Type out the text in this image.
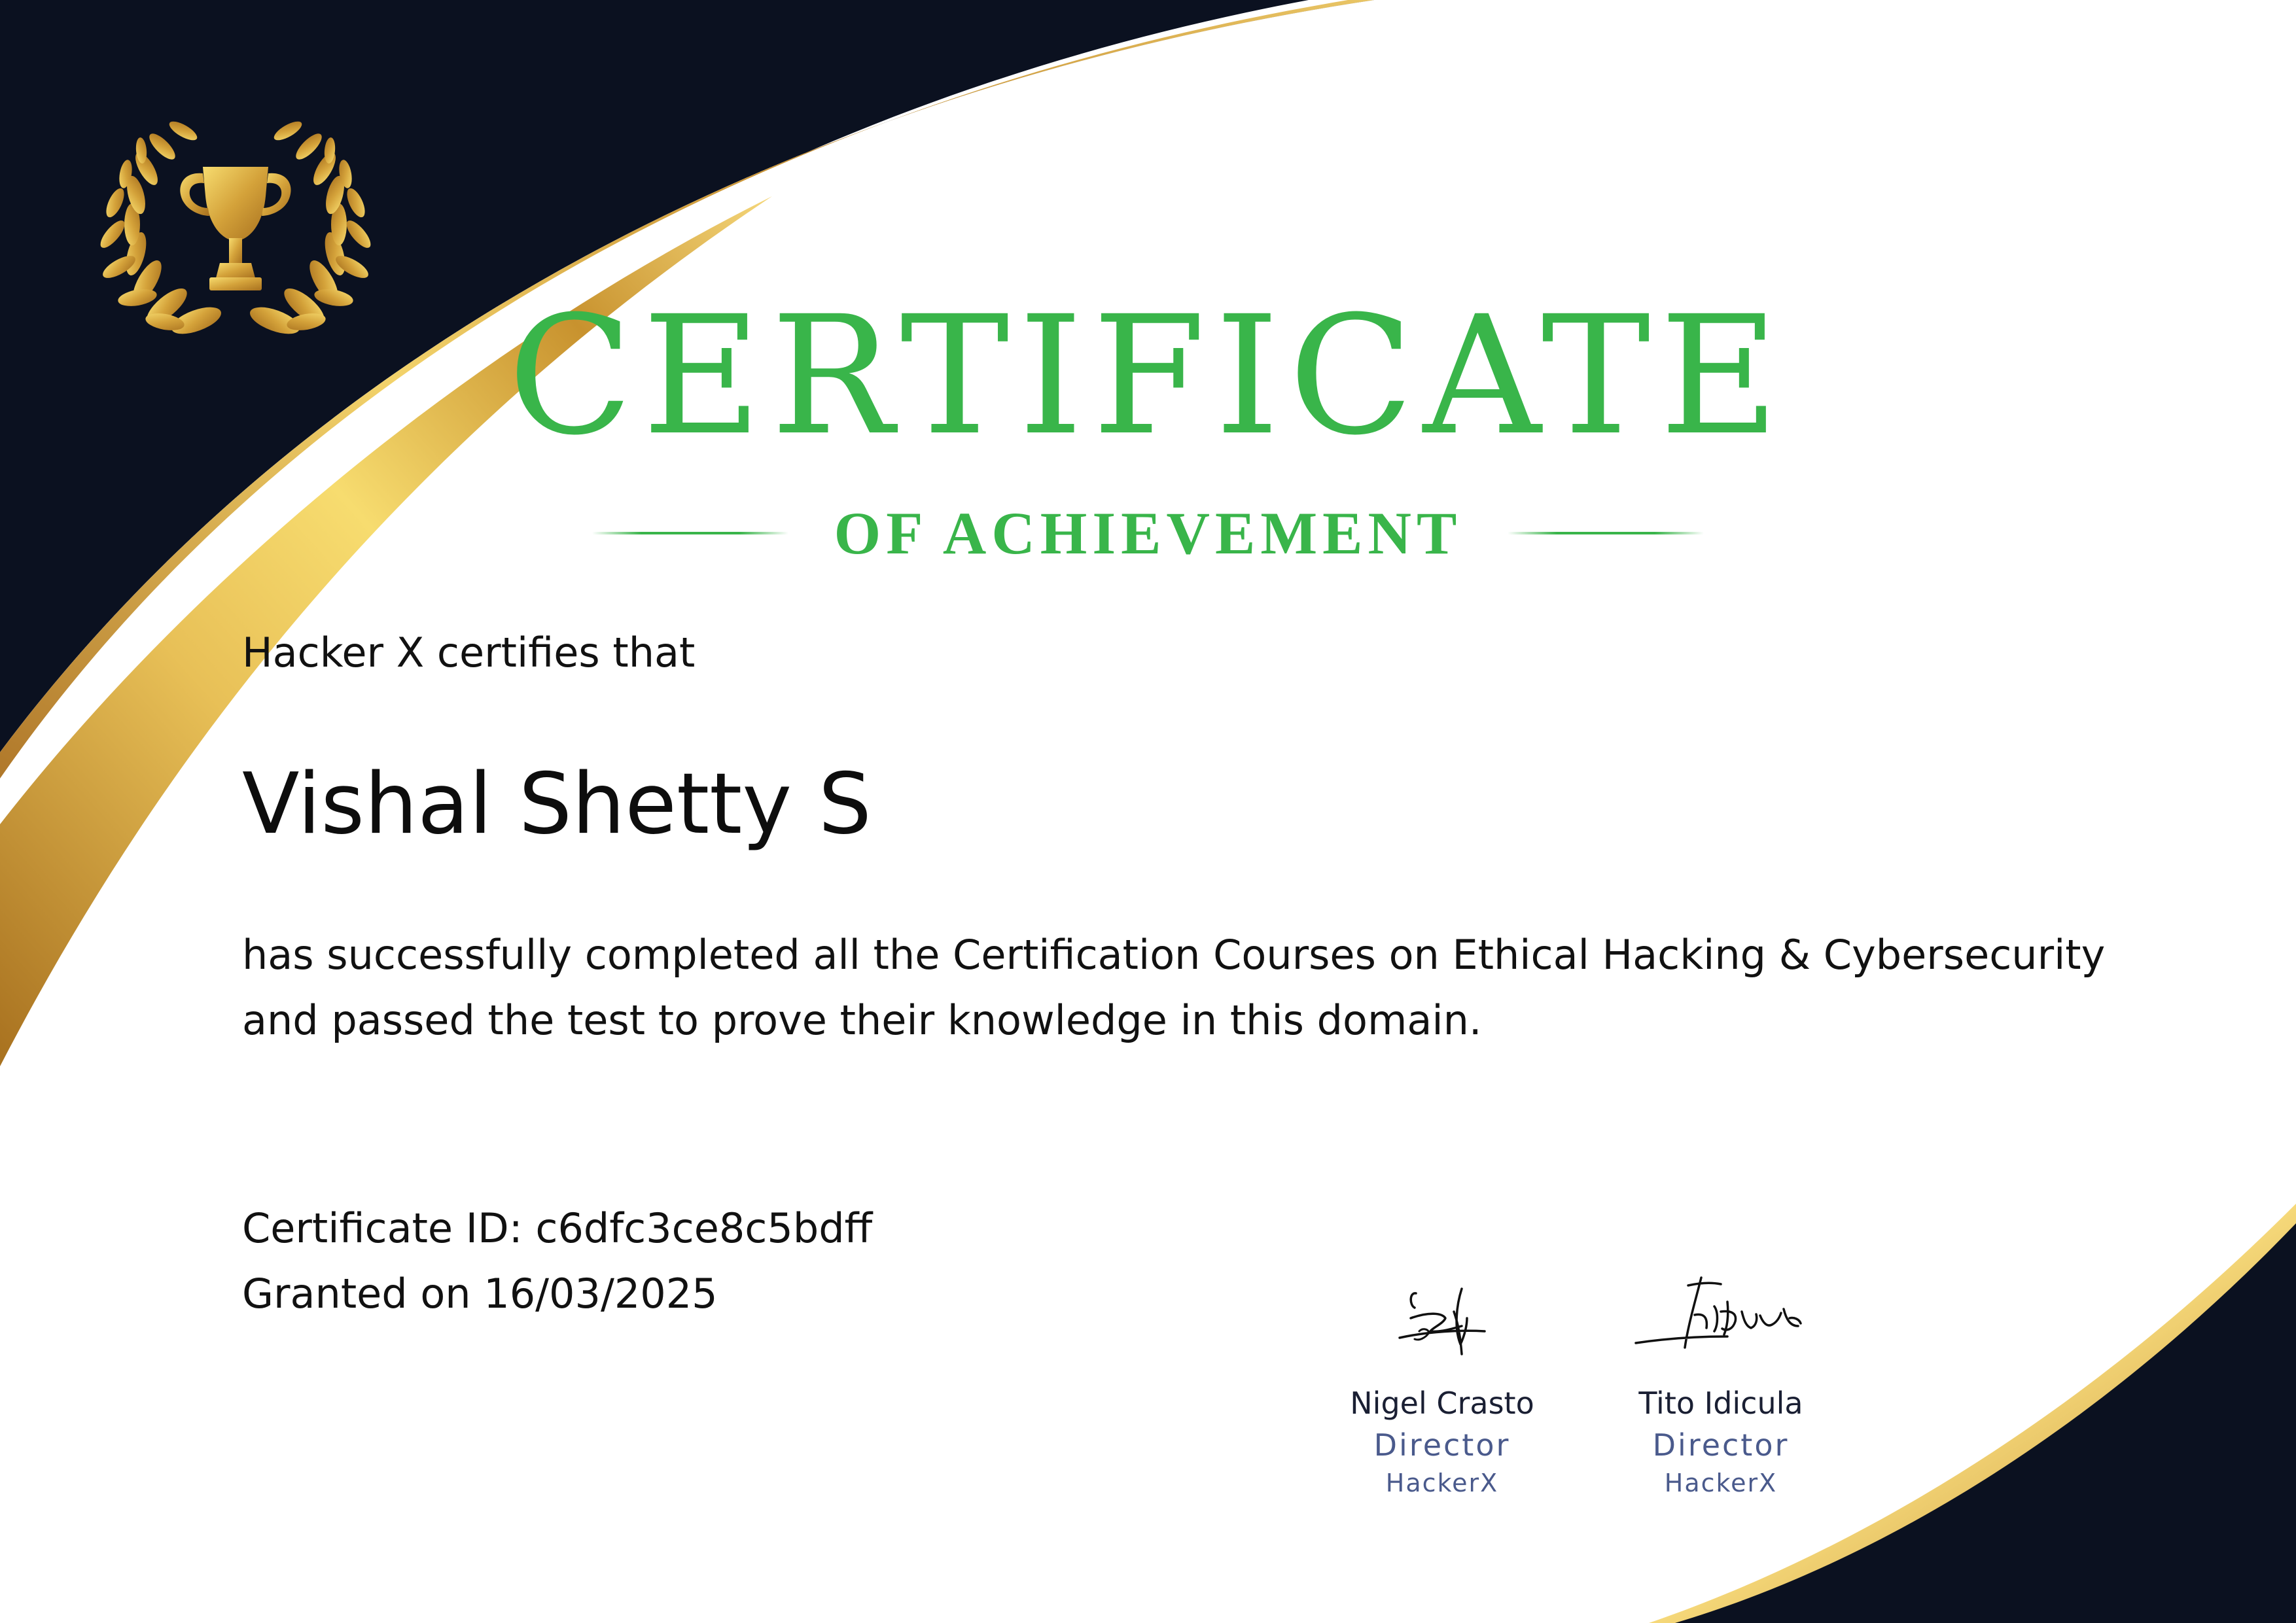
CERTIFICATE
OF ACHIEVEMENT

Hacker X certifies that

Vishal Shetty S

has successfully completed all the Certification Courses on Ethical Hacking & Cybersecurity
and passed the test to prove their knowledge in this domain.

Certificate ID: c6dfc3ce8c5bdff

Granted on 16/03/2025

Nigel Crasto
Director
HackerX
Tito Idicula
Director
HackerX
